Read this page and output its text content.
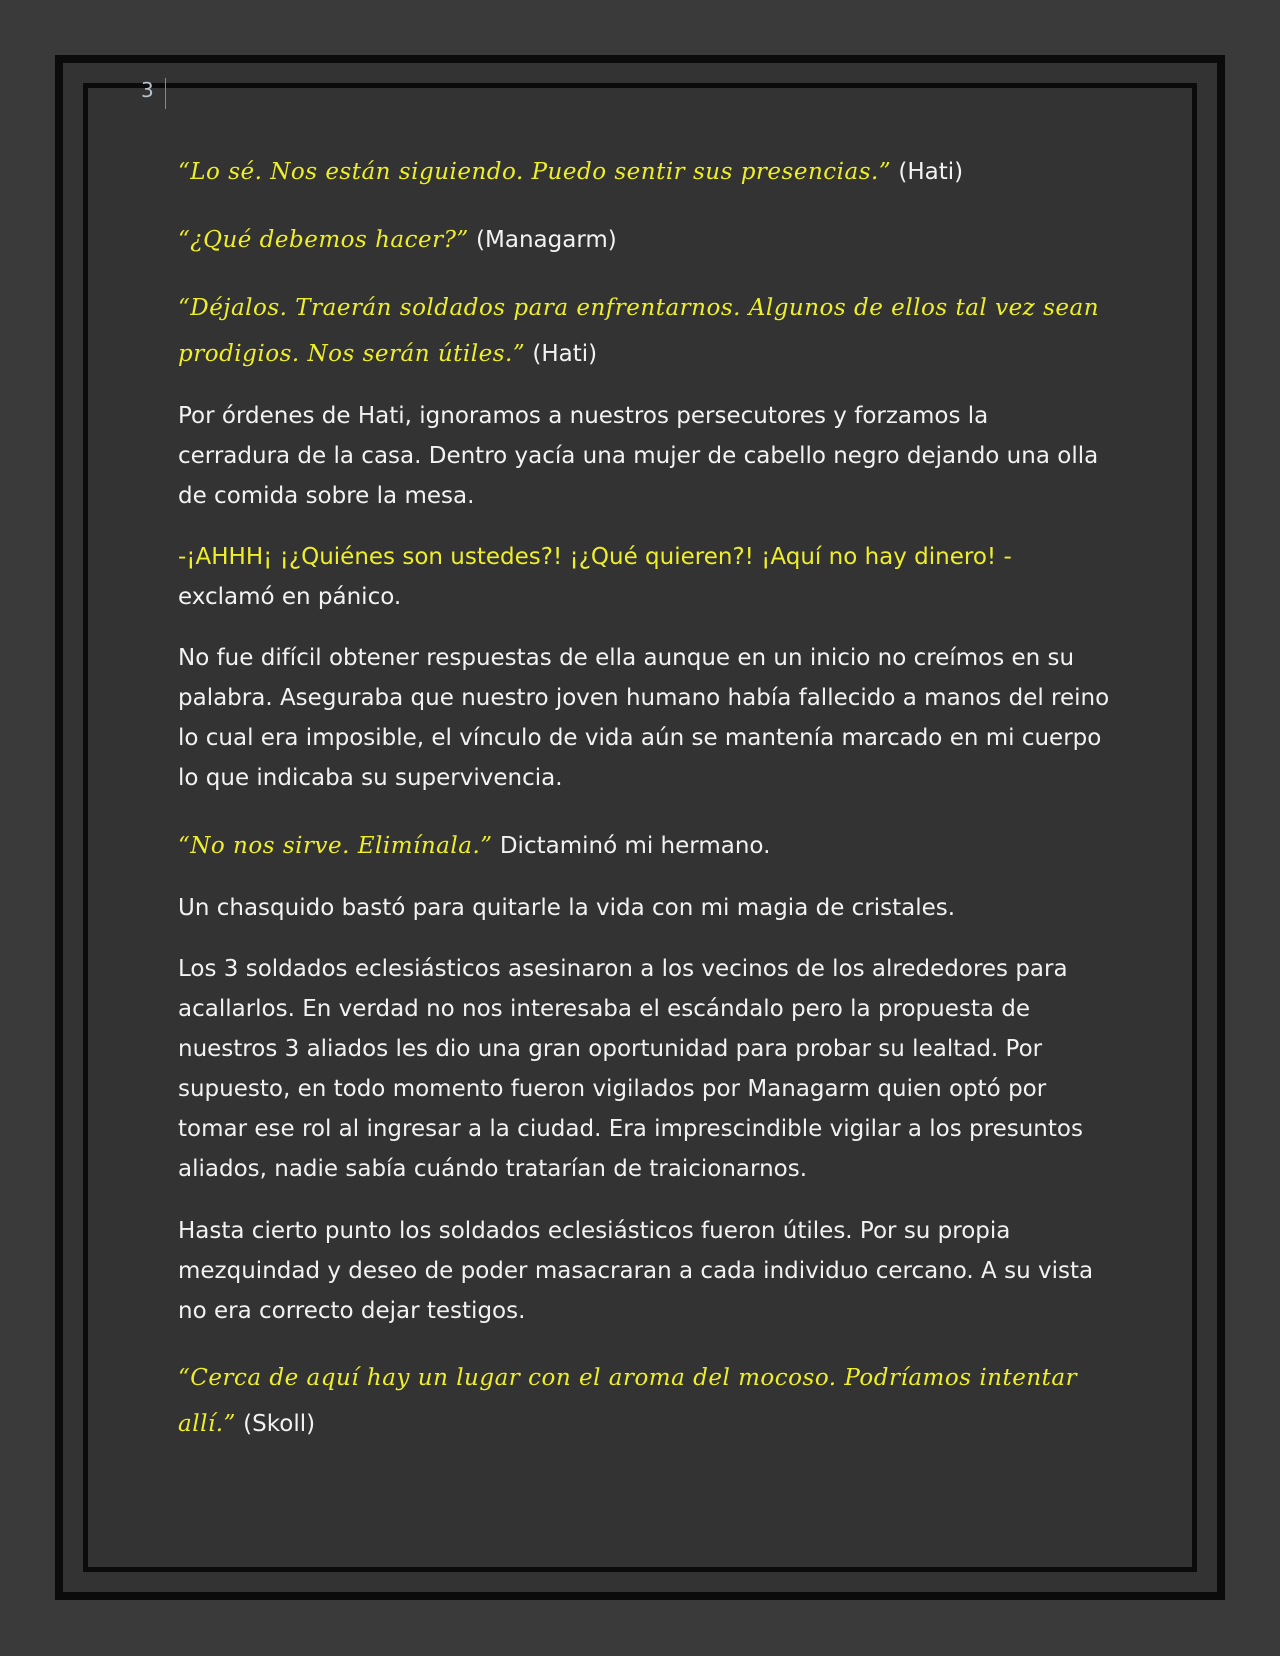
3

“Lo sé. Nos están siguiendo. Puedo sentir sus presencias.” (Hati)

“¿Qué debemos hacer?” (Managarm)

“Déjalos. Traerán soldados para enfrentarnos. Algunos de ellos tal vez sean

prodigios. Nos serán útiles.” (Hati)

Por órdenes de Hati, ignoramos a nuestros persecutores y forzamos la

cerradura de la casa. Dentro yacía una mujer de cabello negro dejando una olla

de comida sobre la mesa.

-¡AHHH¡ ¡¿Quiénes son ustedes?! ¡¿Qué quieren?! ¡Aquí no hay dinero! -

exclamó en pánico.

No fue difícil obtener respuestas de ella aunque en un inicio no creímos en su

palabra. Aseguraba que nuestro joven humano había fallecido a manos del reino

lo cual era imposible, el vínculo de vida aún se mantenía marcado en mi cuerpo

lo que indicaba su supervivencia.

“No nos sirve. Elimínala.” Dictaminó mi hermano.

Un chasquido bastó para quitarle la vida con mi magia de cristales.

Los 3 soldados eclesiásticos asesinaron a los vecinos de los alrededores para

acallarlos. En verdad no nos interesaba el escándalo pero la propuesta de

nuestros 3 aliados les dio una gran oportunidad para probar su lealtad. Por

supuesto, en todo momento fueron vigilados por Managarm quien optó por

tomar ese rol al ingresar a la ciudad. Era imprescindible vigilar a los presuntos

aliados, nadie sabía cuándo tratarían de traicionarnos.

Hasta cierto punto los soldados eclesiásticos fueron útiles. Por su propia

mezquindad y deseo de poder masacraran a cada individuo cercano. A su vista

no era correcto dejar testigos.

“Cerca de aquí hay un lugar con el aroma del mocoso. Podríamos intentar

allí.” (Skoll)
